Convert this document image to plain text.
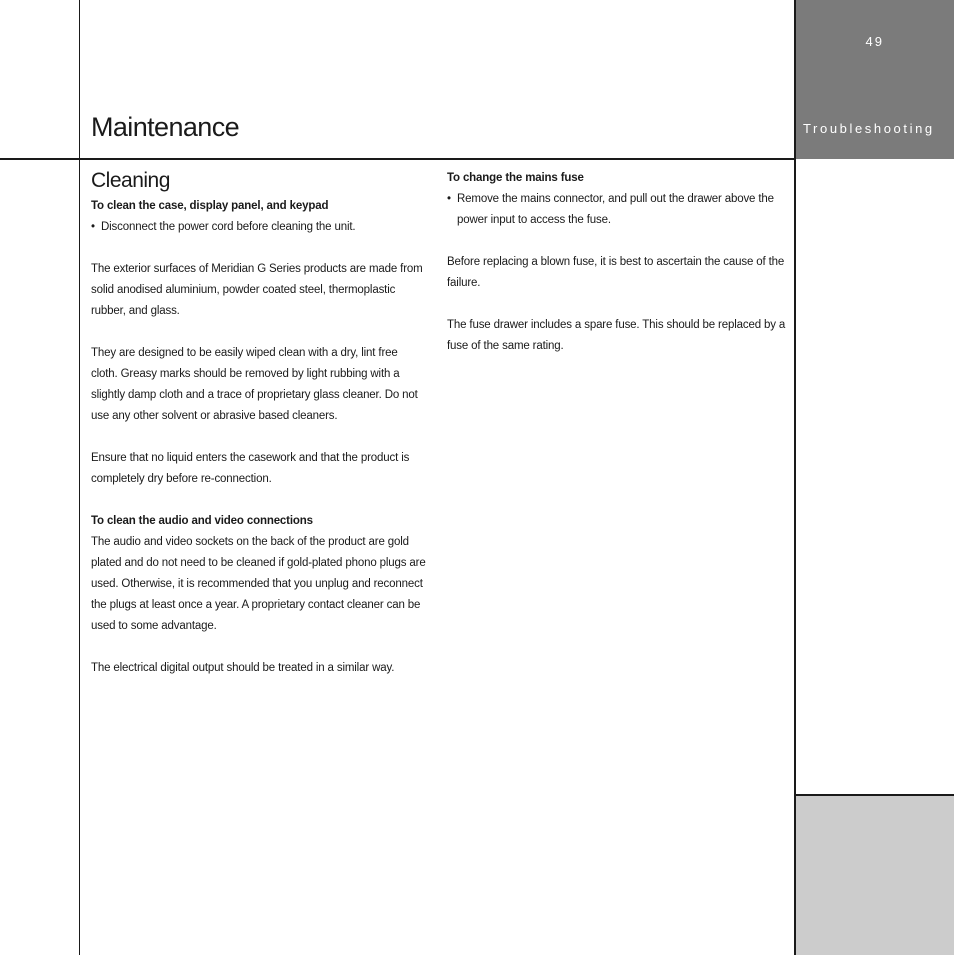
49
Troubleshooting
Maintenance
Cleaning
To clean the case, display panel, and keypad
• Disconnect the power cord before cleaning the unit.

The exterior surfaces of Meridian G Series products are made from solid anodised aluminium, powder coated steel, thermoplastic rubber, and glass.

They are designed to be easily wiped clean with a dry, lint free cloth. Greasy marks should be removed by light rubbing with a slightly damp cloth and a trace of proprietary glass cleaner. Do not use any other solvent or abrasive based cleaners.

Ensure that no liquid enters the casework and that the product is completely dry before re-connection.

To clean the audio and video connections

The audio and video sockets on the back of the product are gold plated and do not need to be cleaned if gold-plated phono plugs are used. Otherwise, it is recommended that you unplug and reconnect the plugs at least once a year. A proprietary contact cleaner can be used to some advantage.

The electrical digital output should be treated in a similar way.

To change the mains fuse
• Remove the mains connector, and pull out the drawer above the power input to access the fuse.

Before replacing a blown fuse, it is best to ascertain the cause of the failure.

The fuse drawer includes a spare fuse. This should be replaced by a fuse of the same rating.
